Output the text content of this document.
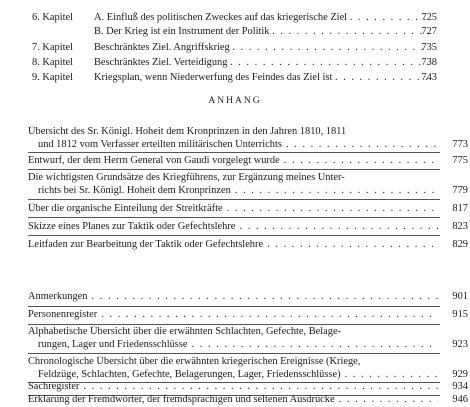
6. Kapitel	A. Einfluß des politischen Zweckes auf das kriegerische Ziel . . .	725
B. Der Krieg ist ein Instrument der Politik . . .	727
7. Kapitel	Beschränktes Ziel. Angriffskrieg . . .	735
8. Kapitel	Beschränktes Ziel. Verteidigung . . .	738
9. Kapitel	Kriegsplan, wenn Niederwerfung des Feindes das Ziel ist . . .	743
ANHANG
Übersicht des Sr. Königl. Hoheit dem Kronprinzen in den Jahren 1810, 1811
und 1812 vom Verfasser erteilten militärischen Unterrichts . . .	773
Entwurf, der dem Herrn General von Gaudi vorgelegt wurde . . .	775
Die wichtigsten Grundsätze des Kriegführens, zur Ergänzung meines Unter-
richts bei Sr. Königl. Hoheit dem Kronprinzen . . .	779
Über die organische Einteilung der Streitkräfte . . .	817
Skizze eines Planes zur Taktik oder Gefechtslehre . . .	823
Leitfaden zur Bearbeitung der Taktik oder Gefechtslehre . . .	829
Anmerkungen . . .	901
Personenregister . . .	915
Alphabetische Übersicht über die erwähnten Schlachten, Gefechte, Belage-
rungen, Lager und Friedensschlüsse . . .	923
Chronologische Übersicht über die erwähnten kriegerischen Ereignisse (Kriege,
Feldzüge, Schlachten, Gefechte, Belagerungen, Lager, Friedensschlüsse) . . .	929
Sachregister . . .	934
Erklärung der Fremdwörter, der fremdsprachigen und seltenen Ausdrücke . . .	946
